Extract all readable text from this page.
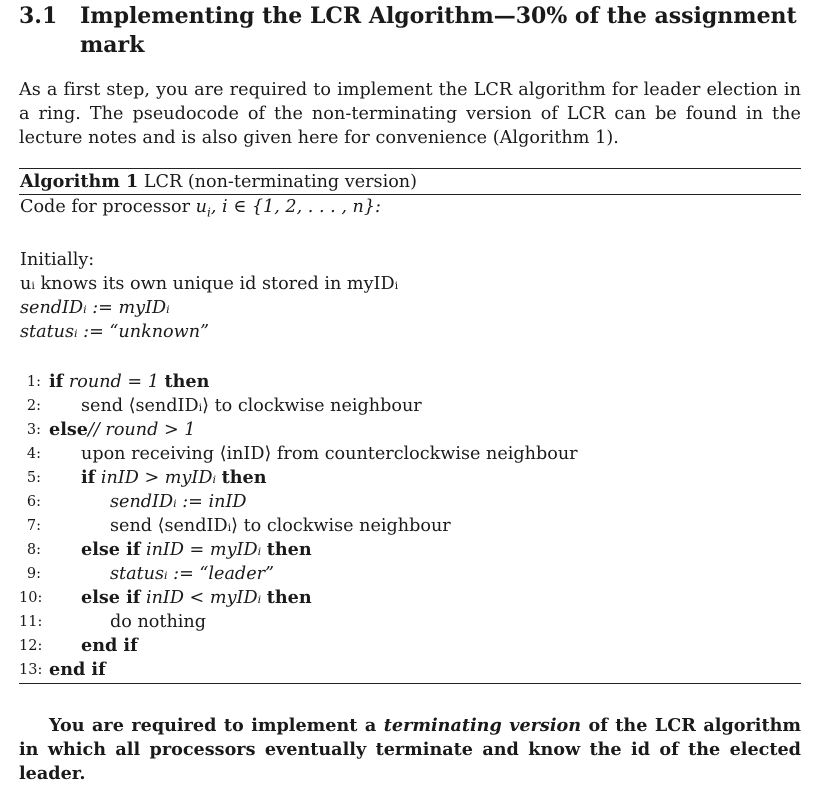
3.1	Implementing the LCR Algorithm—30% of the assignment mark

As a first step, you are required to implement the LCR algorithm for leader election in a ring. The pseudocode of the non-terminating version of LCR can be found in the lecture notes and is also given here for convenience (Algorithm 1).

Algorithm 1 LCR (non-terminating version)
Code for processor $u_i$, i ∈ {1, 2, . . . , n}:
Initially:
uᵢ knows its own unique id stored in myIDᵢ
sendIDᵢ := myIDᵢ
statusᵢ := “unknown”
1: if round = 1 then
2:	send ⟨sendIDᵢ⟩ to clockwise neighbour
3: else// round > 1
4:	upon receiving ⟨inID⟩ from counterclockwise neighbour
5:	if inID > myIDᵢ then
6:	sendIDᵢ := inID
7:	send ⟨sendIDᵢ⟩ to clockwise neighbour
8:	else if inID = myIDᵢ then
9:	statusᵢ := “leader”
10:	else if inID < myIDᵢ then
11:	do nothing
12:	end if
13: end if

You are required to implement a terminating version of the LCR algorithm in which all processors eventually terminate and know the id of the elected leader.
